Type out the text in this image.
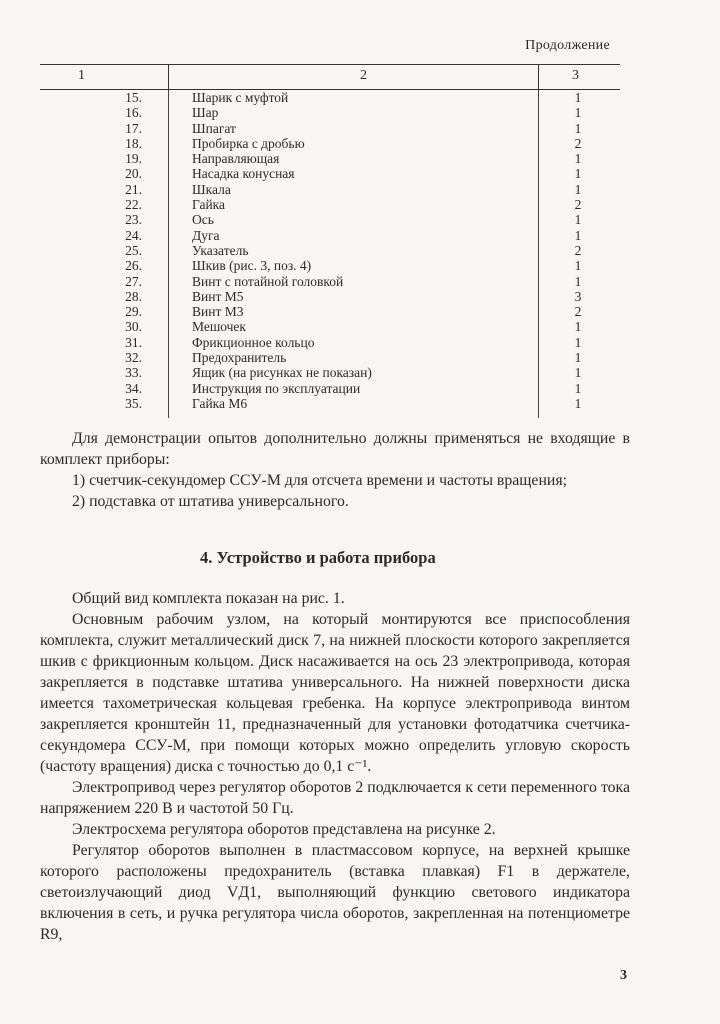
Продолжение
1	2	3
15.	Шарик с муфтой	1
16.	Шар	1
17.	Шпагат	1
18.	Пробирка с дробью	2
19.	Направляющая	1
20.	Насадка конусная	1
21.	Шкала	1
22.	Гайка	2
23.	Ось	1
24.	Дуга	1
25.	Указатель	2
26.	Шкив (рис. 3, поз. 4)	1
27.	Винт с потайной головкой	1
28.	Винт М5	3
29.	Винт М3	2
30.	Мешочек	1
31.	Фрикционное кольцо	1
32.	Предохранитель	1
33.	Ящик (на рисунках не показан)	1
34.	Инструкция по эксплуатации	1
35.	Гайка М6	1
Для демонстрации опытов дополнительно должны применяться не входящие в комплект приборы:
1) счетчик-секундомер ССУ-М для отсчета времени и частоты вращения;
2) подставка от штатива универсального.
4. Устройство и работа прибора
Общий вид комплекта показан на рис. 1.
Основным рабочим узлом, на который монтируются все приспособления комплекта, служит металлический диск 7, на нижней плоскости которого закрепляется шкив с фрикционным кольцом. Диск насаживается на ось 23 электропривода, которая закрепляется в подставке штатива универсального. На нижней поверхности диска имеется тахометрическая кольцевая гребенка. На корпусе электропривода винтом закрепляется кронштейн 11, предназначенный для установки фотодатчика счетчика-секундомера ССУ-М, при помощи которых можно определить угловую скорость (частоту вращения) диска с точностью до 0,1 с⁻¹.
Электропривод через регулятор оборотов 2 подключается к сети переменного тока напряжением 220 В и частотой 50 Гц.
Электросхема регулятора оборотов представлена на рисунке 2.
Регулятор оборотов выполнен в пластмассовом корпусе, на верхней крышке которого расположены предохранитель (вставка плавкая) F1 в держателе, светоизлучающий диод VД1, выполняющий функцию светового индикатора включения в сеть, и ручка регулятора числа оборотов, закрепленная на потенциометре R9,
3
